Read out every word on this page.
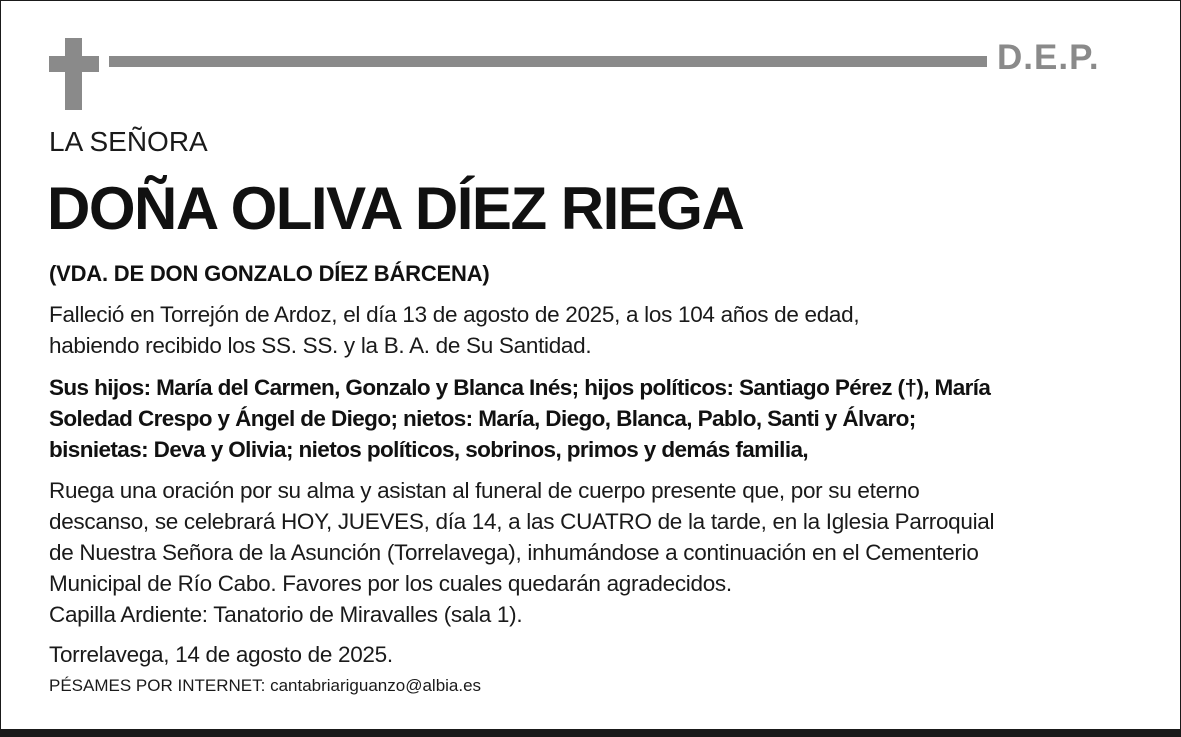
D.E.P.
LA SEÑORA
DOÑA OLIVA DÍEZ RIEGA
(VDA. DE DON GONZALO DÍEZ BÁRCENA)

Falleció en Torrejón de Ardoz, el día 13 de agosto de 2025, a los 104 años de edad,

habiendo recibido los SS. SS. y la B. A. de Su Santidad.

Sus hijos: María del Carmen, Gonzalo y Blanca Inés; hijos políticos: Santiago Pérez (†), María

Soledad Crespo y Ángel de Diego; nietos: María, Diego, Blanca, Pablo, Santi y Álvaro;

bisnietas: Deva y Olivia; nietos políticos, sobrinos, primos y demás familia,

Ruega una oración por su alma y asistan al funeral de cuerpo presente que, por su eterno

descanso, se celebrará HOY, JUEVES, día 14, a las CUATRO de la tarde, en la Iglesia Parroquial

de Nuestra Señora de la Asunción (Torrelavega), inhumándose a continuación en el Cementerio

Municipal de Río Cabo. Favores por los cuales quedarán agradecidos.

Capilla Ardiente: Tanatorio de Miravalles (sala 1).

Torrelavega, 14 de agosto de 2025.
PÉSAMES POR INTERNET: cantabriariguanzo@albia.es
